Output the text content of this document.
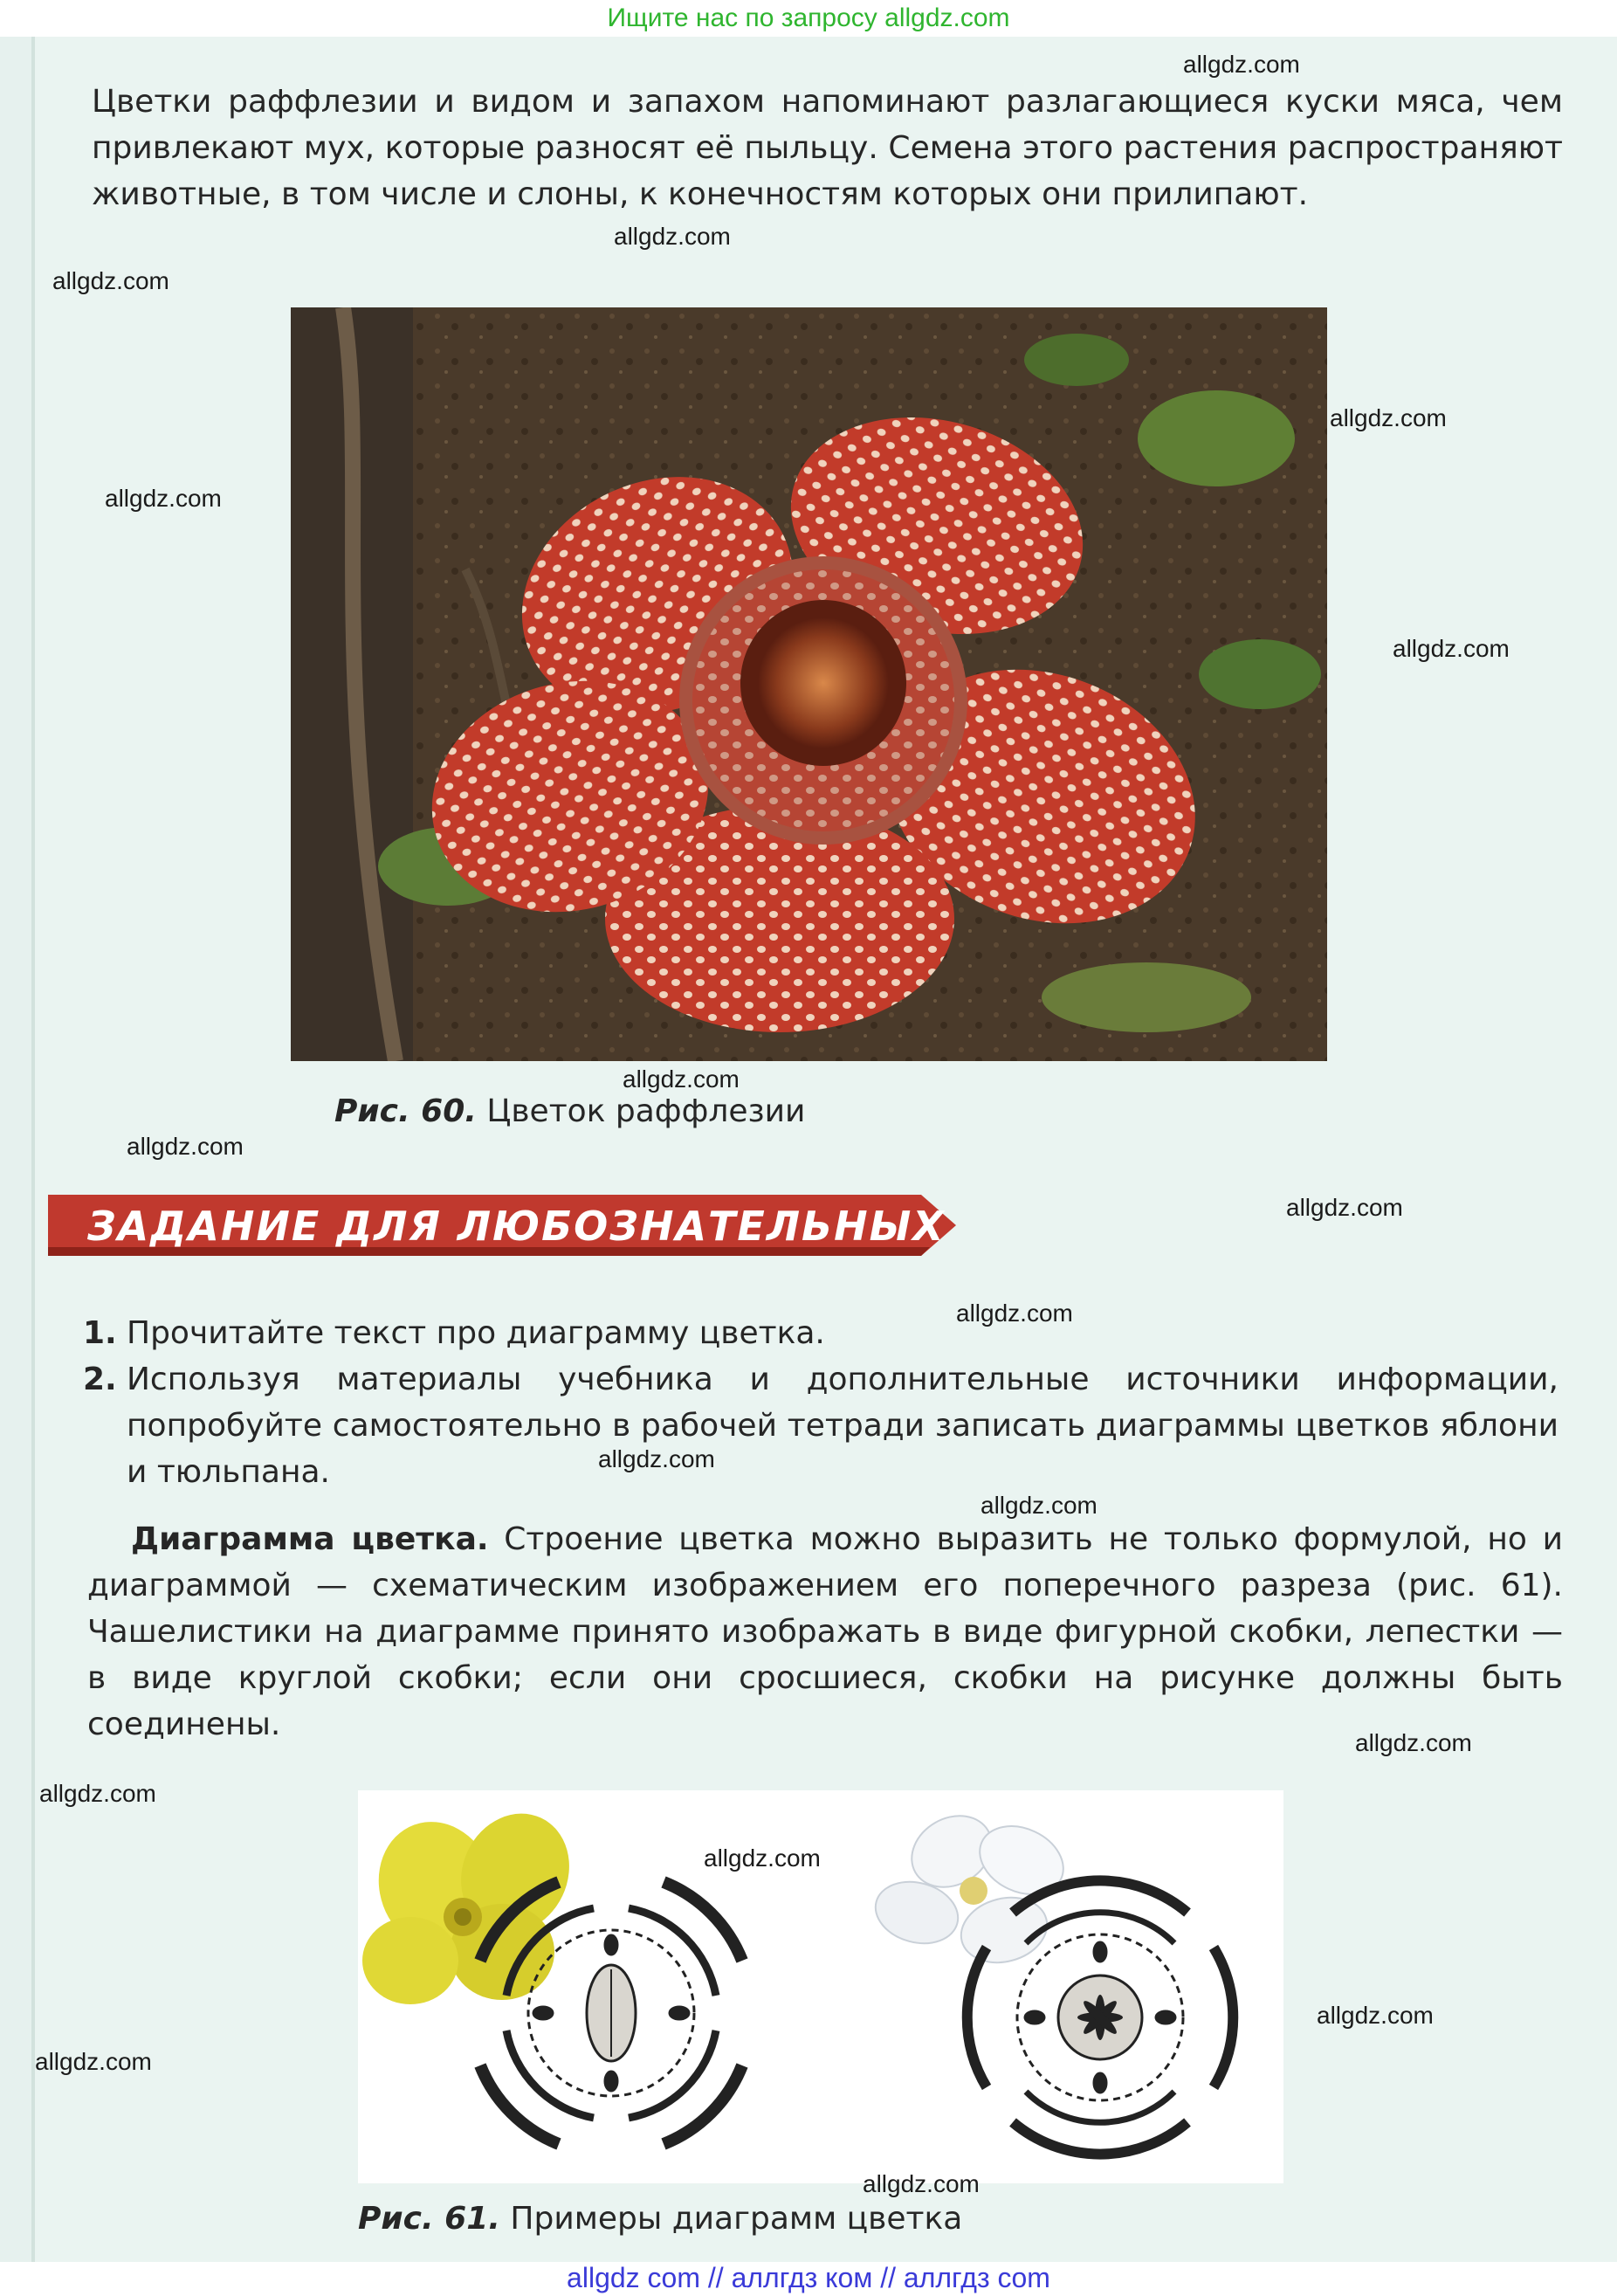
Ищите нас по запросу allgdz.com
Цветки раффлезии и видом и запахом напоминают разлагающиеся куски мяса, чем привлекают мух, которые разносят её пыльцу. Семена этого растения распространяют животные, в том числе и слоны, к конечностям которых они прилипают.
Рис. 60. Цветок раффлезии
ЗАДАНИЕ ДЛЯ ЛЮБОЗНАТЕЛЬНЫХ
1. Прочитайте текст про диаграмму цветка.
2. Используя материалы учебника и дополнительные источники информации, попробуйте самостоятельно в рабочей тетради записать диаграммы цветков яблони и тюльпана.
Диаграмма цветка. Строение цветка можно выразить не только формулой, но и диаграммой — схематическим изображением его поперечного разреза (рис. 61). Чашелистики на диаграмме принято изображать в виде фигурной скобки, лепестки — в виде круглой скобки; если они сросшиеся, скобки на рисунке должны быть соединены.
Рис. 61. Примеры диаграмм цветка
allgdz.com
allgdz.com
allgdz.com
allgdz.com
allgdz.com
allgdz.com
allgdz.com
allgdz.com
allgdz.com
allgdz.com
allgdz.com
allgdz.com
allgdz.com
allgdz.com
allgdz.com
allgdz.com
allgdz.com
allgdz.com
allgdz com // аллгдз ком // аллгдз com
